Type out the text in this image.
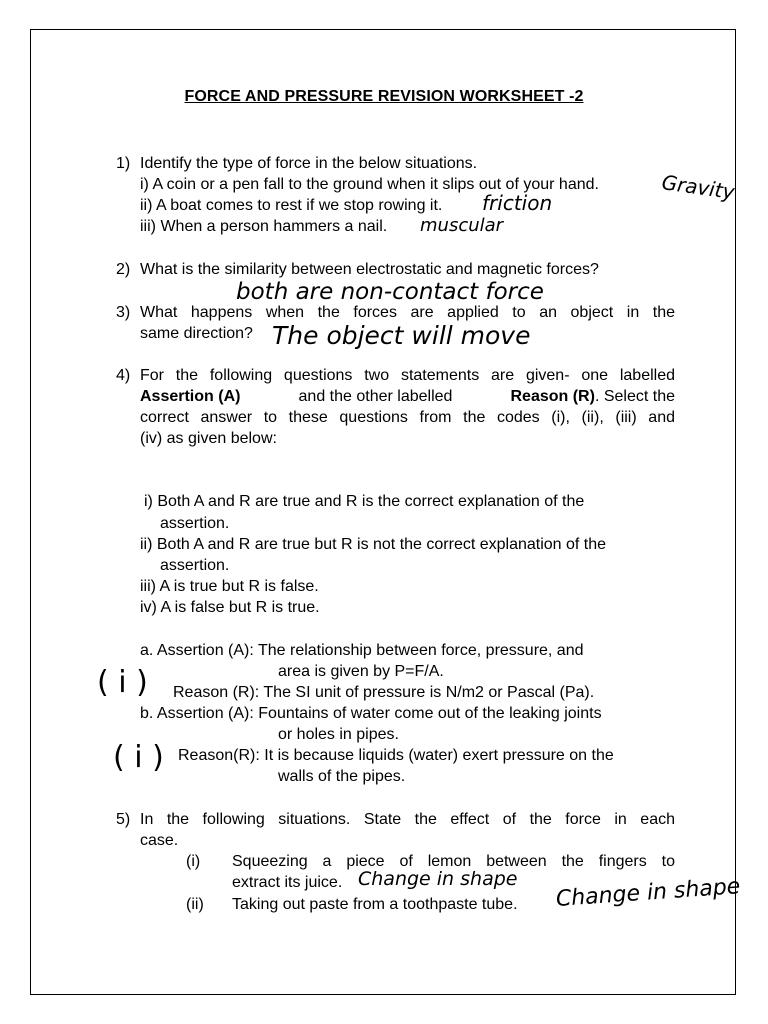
FORCE AND PRESSURE REVISION WORKSHEET -2
1) Identify the type of force in the below situations.
i) A coin or a pen fall to the ground when it slips out of your hand.
ii) A boat comes to rest if we stop rowing it.
iii) When a person hammers a nail.
Gravity
friction
muscular
2) What is the similarity between electrostatic and magnetic forces?
both are non-contact force
3) What happens when the forces are applied to an object in the
same direction? The object will move
4) For the following questions two statements are given- one labelled
Assertion (A)	and the other labelled	Reason (R). Select the
correct answer to these questions from the codes (i), (ii), (iii) and
(iv) as given below:
i) Both A and R are true and R is the correct explanation of the
assertion.
ii) Both A and R are true but R is not the correct explanation of the
assertion.
iii) A is true but R is false.
iv) A is false but R is true.
a. Assertion (A): The relationship between force, pressure, and
area is given by P=F/A.
( i ) Reason (R): The SI unit of pressure is N/m2 or Pascal (Pa).
b. Assertion (A): Fountains of water come out of the leaking joints
or holes in pipes.
( i ) Reason(R): It is because liquids (water) exert pressure on the
walls of the pipes.
5) In the following situations. State the effect of the force in each
case.
(i) Squeezing a piece of lemon between the fingers to
extract its juice. Change in shape
(ii) Taking out paste from a toothpaste tube. Change in shape
